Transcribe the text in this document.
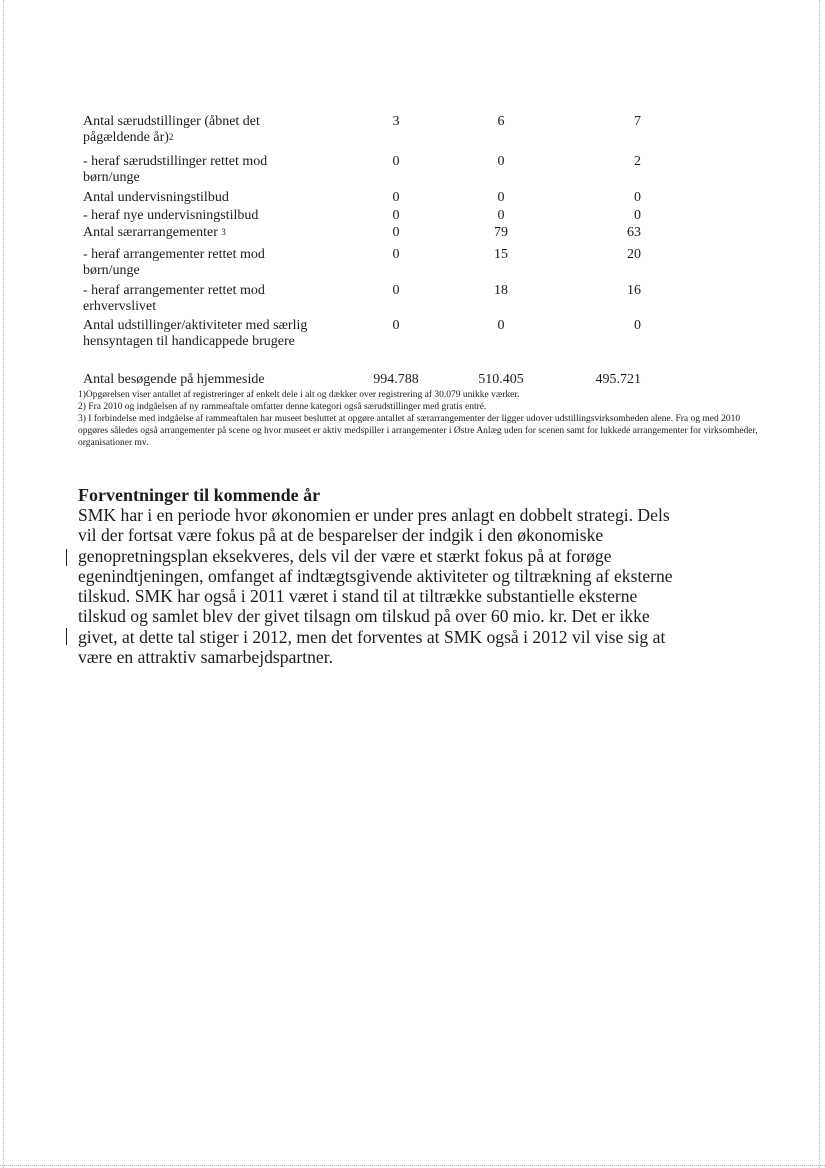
Antal særudstillinger (åbnet det pågældende år)$^2$
3	6	7
- heraf særudstillinger rettet mod børn/unge
0	0	2
Antal undervisningstilbud	0	0	0
- heraf nye undervisningstilbud	0	0	0
Antal særarrangementer $^3$	0	79	63
- heraf arrangementer rettet mod børn/unge
0	15	20
- heraf arrangementer rettet mod erhvervslivet
0	18	16
Antal udstillinger/aktiviteter med særlig hensyntagen til handicappede brugere
0	0	0
Antal besøgende på hjemmeside	994.788	510.405	495.721
1)Opgørelsen viser antallet af registreringer af enkelt dele i alt og dækker over registrering af 30.079 unikke værker.
2) Fra 2010 og indgåelsen af ny rammeaftale omfatter denne kategori også særudstillinger med gratis entré.
3) I forbindelse med indgåelse af rammeaftalen har museet besluttet at opgøre antallet af særarrangementer der ligger udover udstillingsvirksomheden alene. Fra og med 2010 opgøres således også arrangementer på scene og hvor museet er aktiv medspiller i arrangementer i Østre Anlæg uden for scenen samt for lukkede arrangementer for virksomheder, organisationer mv.
Forventninger til kommende år
SMK har i en periode hvor økonomien er under pres anlagt en dobbelt strategi. Dels
vil der fortsat være fokus på at de besparelser der indgik i den økonomiske
genopretningsplan eksekveres, dels vil der være et stærkt fokus på at forøge
egenindtjeningen, omfanget af indtægtsgivende aktiviteter og tiltrækning af eksterne
tilskud. SMK har også i 2011 været i stand til at tiltrække substantielle eksterne
tilskud og samlet blev der givet tilsagn om tilskud på over 60 mio. kr. Det er ikke
givet, at dette tal stiger i 2012, men det forventes at SMK også i 2012 vil vise sig at
være en attraktiv samarbejdspartner.
